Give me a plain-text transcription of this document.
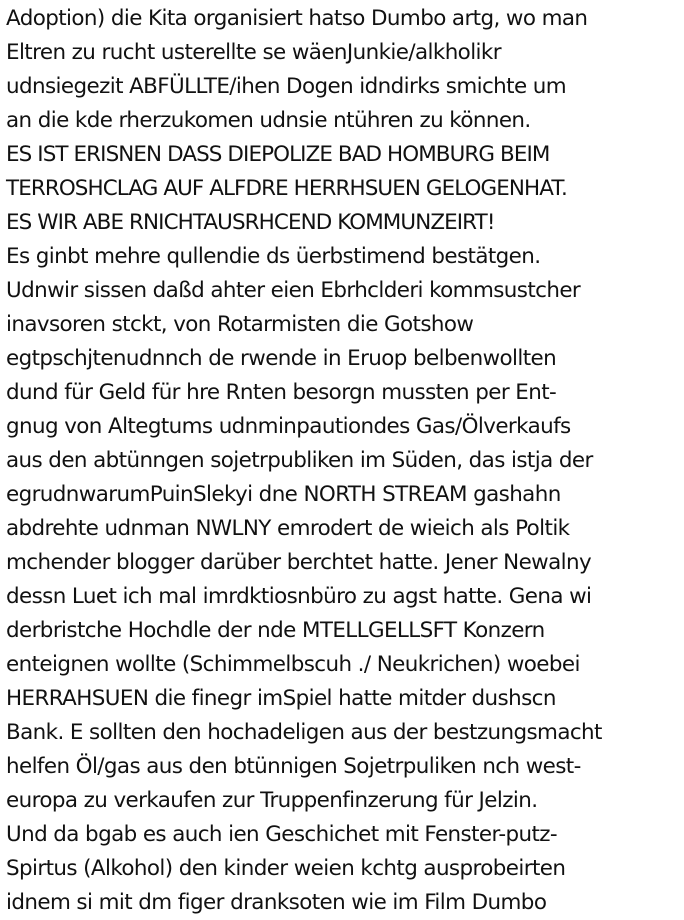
Adoption) die Kita organisiert hatso Dumbo artg, wo man
Eltren zu rucht usterellte se wäenJunkie/alkholikr
udnsiegezit ABFÜLLTE/ihen Dogen idndirks smichte um
an die kde rherzukomen udnsie ntühren zu können.
ES IST ERISNEN DASS DIEPOLIZE BAD HOMBURG BEIM
TERROSHCLAG AUF ALFDRE HERRHSUEN GELOGENHAT.
ES WIR ABE RNICHTAUSRHCEND KOMMUNZEIRT!
Es ginbt mehre qullendie ds üerbstimend bestätgen.
Udnwir sissen daßd ahter eien Ebrhclderi kommsustcher
inavsoren stckt, von Rotarmisten die Gotshow
egtpschjtenudnnch de rwende in Eruop belbenwollten
dund für Geld für hre Rnten besorgn mussten per Ent-
gnug von Altegtums udnminpautiondes Gas/Ölverkaufs
aus den abtünngen sojetrpubliken im Süden, das istja der
egrudnwarumPuinSlekyi dne NORTH STREAM gashahn
abdrehte udnman NWLNY emrodert de wieich als Poltik
mchender blogger darüber berchtet hatte. Jener Newalny
dessn Luet ich mal imrdktiosnbüro zu agst hatte. Gena wi
derbristche Hochdle der nde MTELLGELLSFT Konzern
enteignen wollte (Schimmelbscuh ./ Neukrichen) woebei
HERRAHSUEN die finegr imSpiel hatte mitder dushscn
Bank. E sollten den hochadeligen aus der bestzungsmacht
helfen Öl/gas aus den btünnigen Sojetrpuliken nch west-
europa zu verkaufen zur Truppenfinzerung für Jelzin.
Und da bgab es auch ien Geschichet mit Fenster-putz-
Spirtus (Alkohol) den kinder weien kchtg ausprobeirten
idnem si mit dm figer dranksoten wie im Film Dumbo
